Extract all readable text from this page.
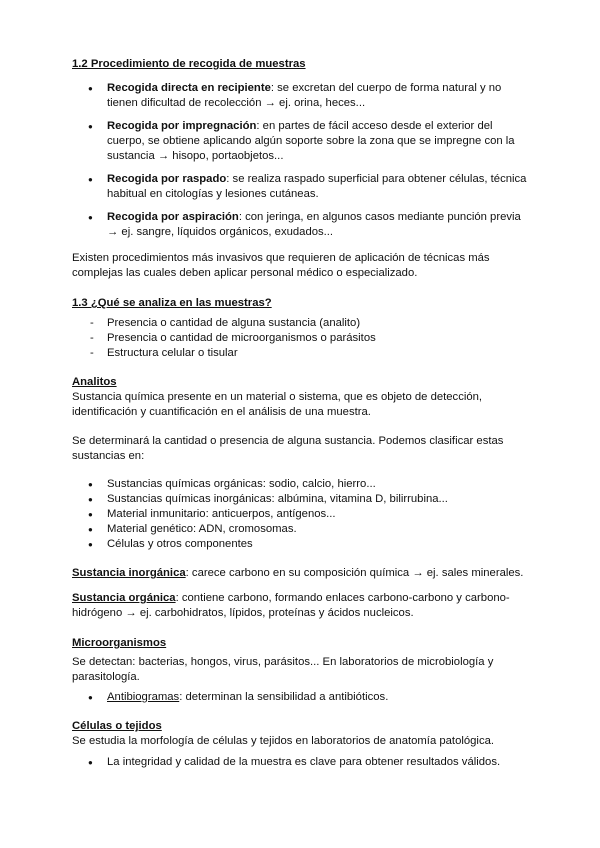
1.2 Procedimiento de recogida de muestras
● Recogida directa en recipiente: se excretan del cuerpo de forma natural y no tienen dificultad de recolección → ej. orina, heces...
● Recogida por impregnación: en partes de fácil acceso desde el exterior del cuerpo, se obtiene aplicando algún soporte sobre la zona que se impregne con la sustancia → hisopo, portaobjetos...
● Recogida por raspado: se realiza raspado superficial para obtener células, técnica habitual en citologías y lesiones cutáneas.
● Recogida por aspiración: con jeringa, en algunos casos mediante punción previa → ej. sangre, líquidos orgánicos, exudados...
Existen procedimientos más invasivos que requieren de aplicación de técnicas más complejas las cuales deben aplicar personal médico o especializado.
1.3 ¿Qué se analiza en las muestras?
- Presencia o cantidad de alguna sustancia (analito)
- Presencia o cantidad de microorganismos o parásitos
- Estructura celular o tisular
Analitos
Sustancia química presente en un material o sistema, que es objeto de detección, identificación y cuantificación en el análisis de una muestra.
Se determinará la cantidad o presencia de alguna sustancia. Podemos clasificar estas sustancias en:
● Sustancias químicas orgánicas: sodio, calcio, hierro...
● Sustancias químicas inorgánicas: albúmina, vitamina D, bilirrubina...
● Material inmunitario: anticuerpos, antígenos...
● Material genético: ADN, cromosomas.
● Células y otros componentes
Sustancia inorgánica: carece carbono en su composición química → ej. sales minerales.
Sustancia orgánica: contiene carbono, formando enlaces carbono-carbono y carbono-hidrógeno → ej. carbohidratos, lípidos, proteínas y ácidos nucleicos.
Microorganismos
Se detectan: bacterias, hongos, virus, parásitos... En laboratorios de microbiología y parasitología.
● Antibiogramas: determinan la sensibilidad a antibióticos.
Células o tejidos
Se estudia la morfología de células y tejidos en laboratorios de anatomía patológica.
● La integridad y calidad de la muestra es clave para obtener resultados válidos.
